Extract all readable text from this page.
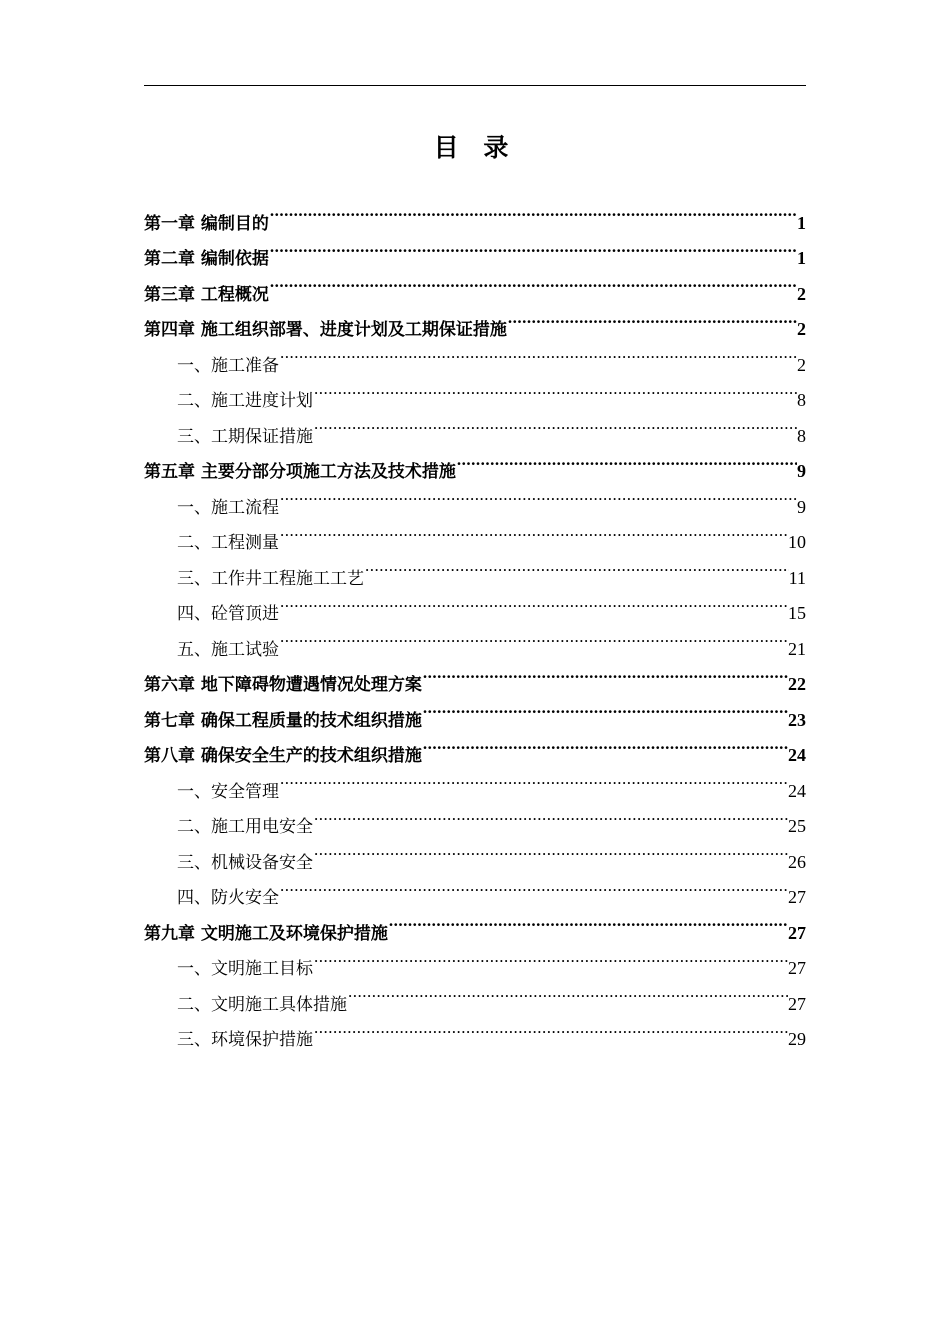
目 录
第一章 编制目的 .....	1
第二章 编制依据 .....	1
第三章 工程概况 .....	2
第四章 施工组织部署、进度计划及工期保证措施 .....	2
一、施工准备 .....	2
二、施工进度计划 .....	8
三、工期保证措施 .....	8
第五章 主要分部分项施工方法及技术措施 .....	9
一、施工流程 .....	9
二、工程测量 .....	10
三、工作井工程施工工艺 .....	11
四、砼管顶进 .....	15
五、施工试验 .....	21
第六章 地下障碍物遭遇情况处理方案 .....	22
第七章 确保工程质量的技术组织措施 .....	23
第八章 确保安全生产的技术组织措施 .....	24
一、安全管理 .....	24
二、施工用电安全 .....	25
三、机械设备安全 .....	26
四、防火安全 .....	27
第九章 文明施工及环境保护措施 .....	27
一、文明施工目标 .....	27
二、文明施工具体措施 .....	27
三、环境保护措施 .....	29
